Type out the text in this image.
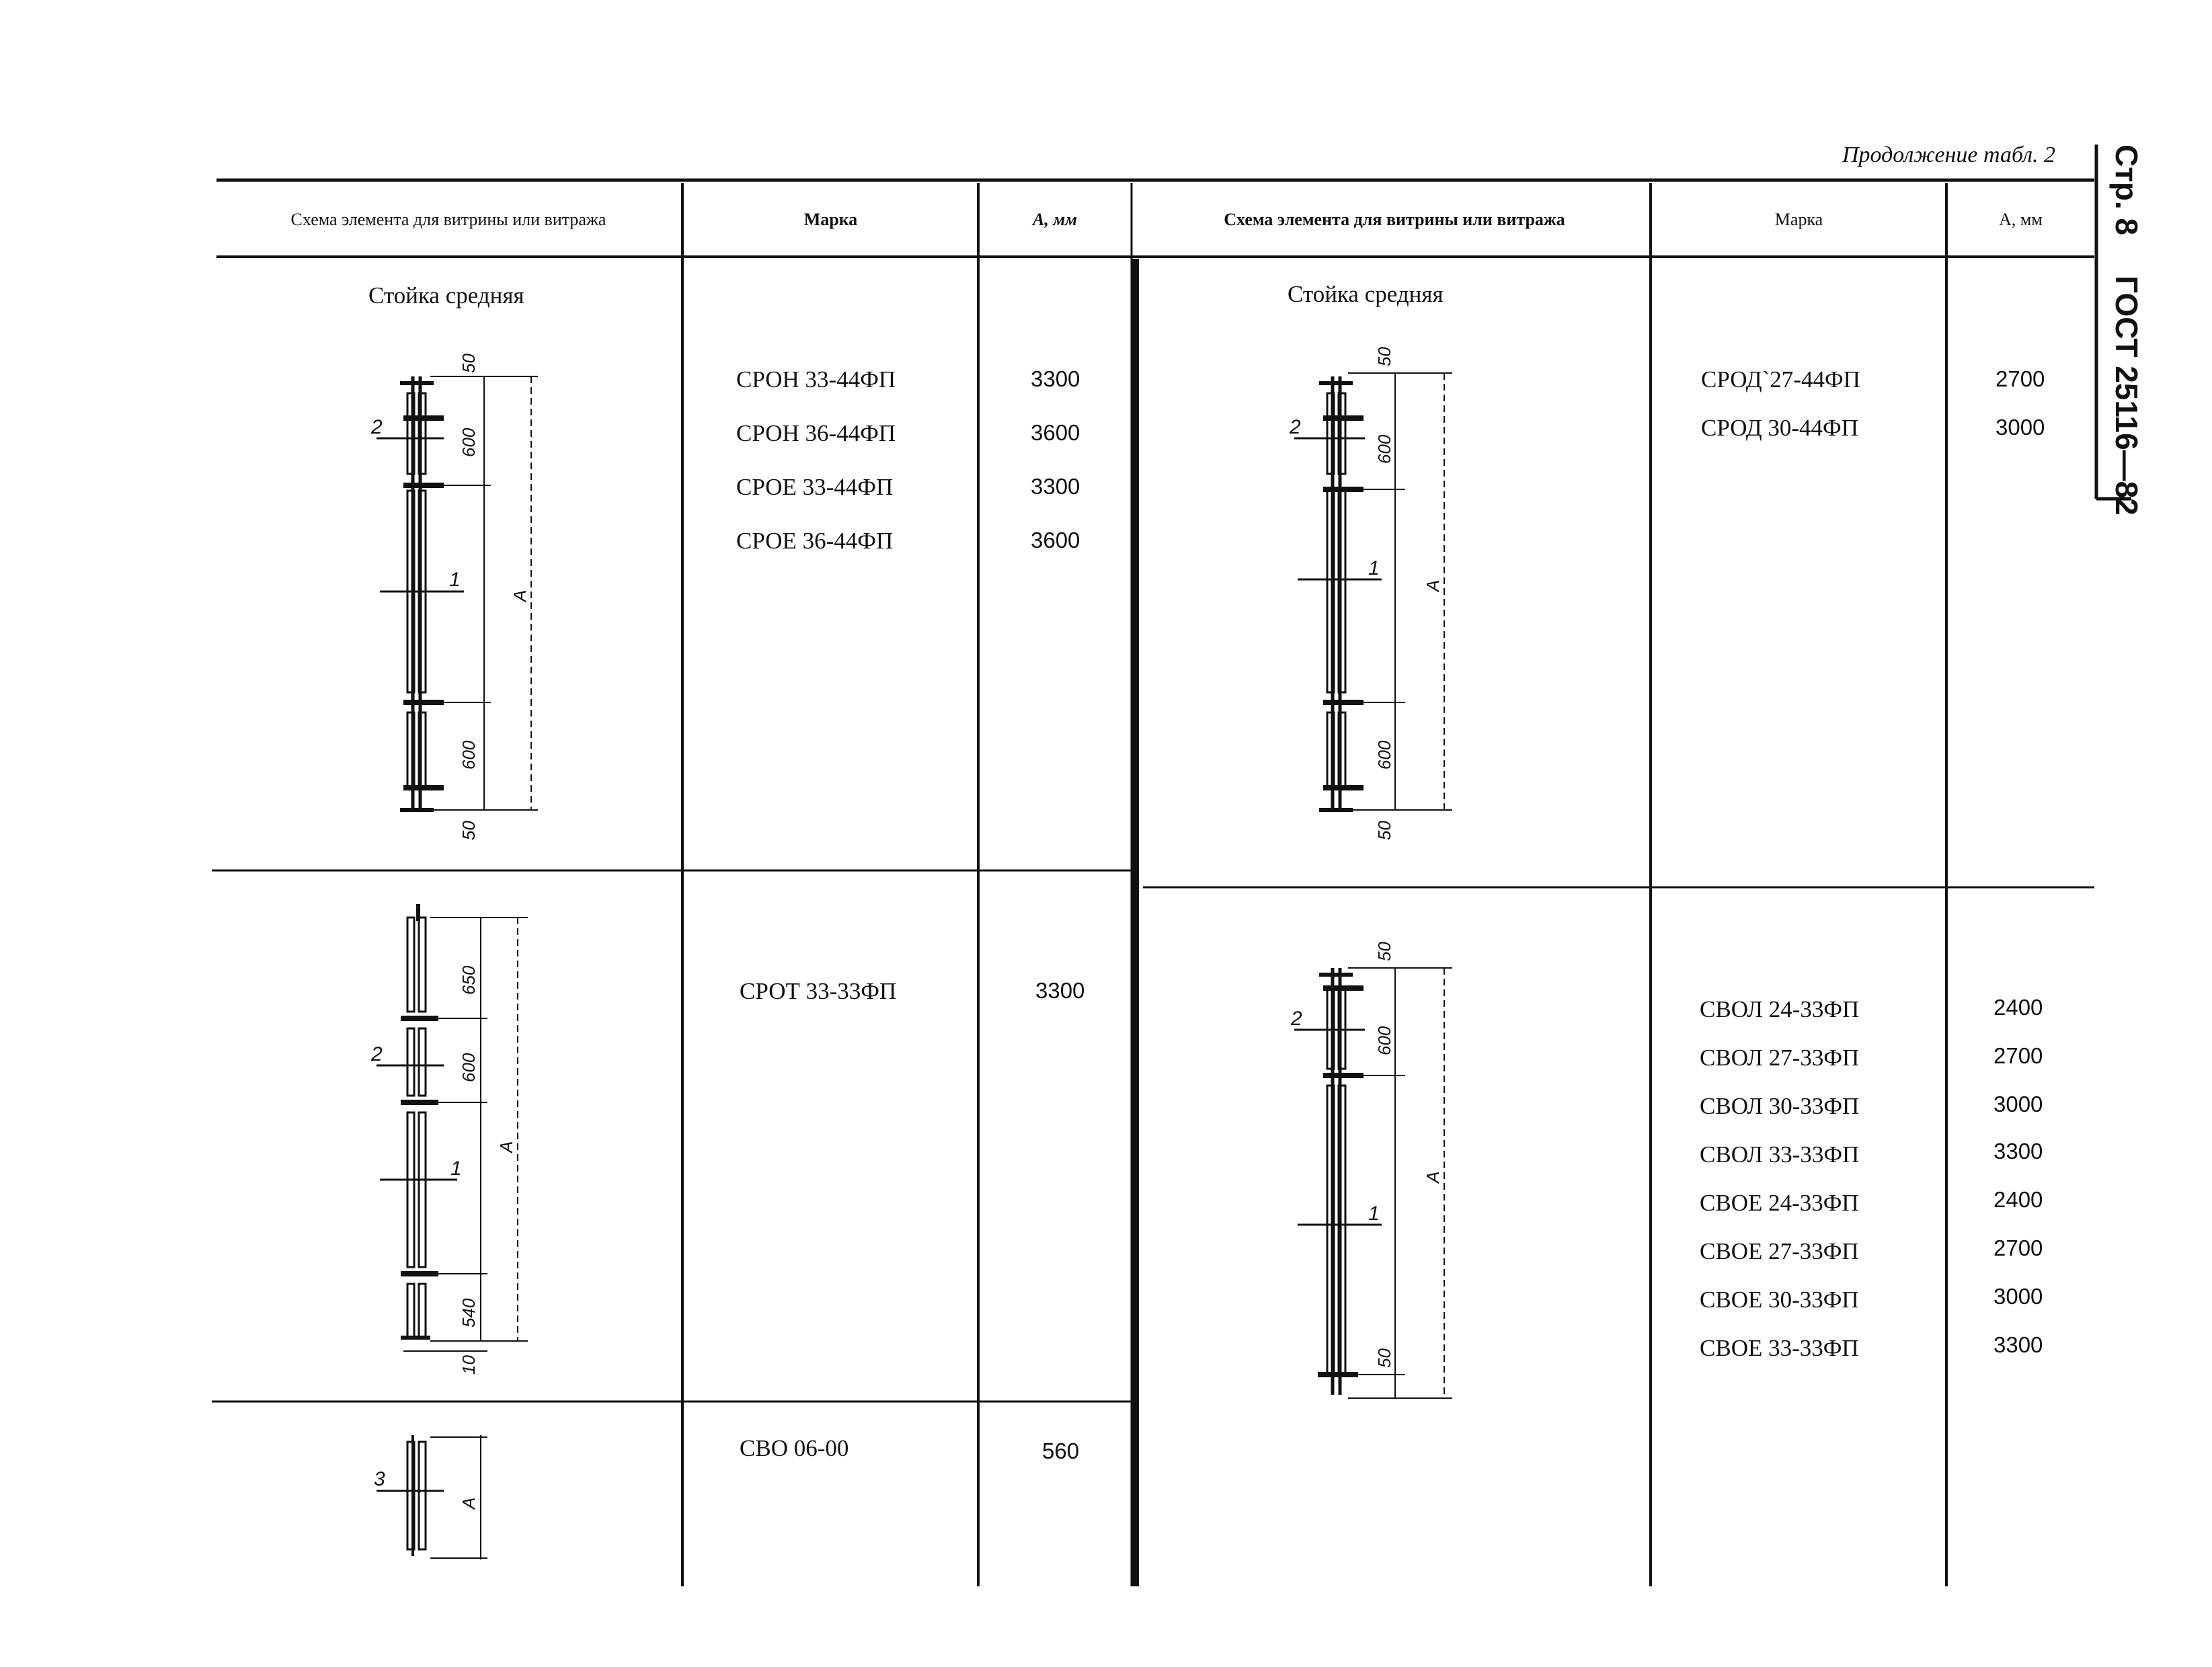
Продолжение табл. 2 Стр. 8
ГОСТ 25116—82
50
600
600
50
А
2
1
650
600
540
10
А
2
1
А
3
50
600
600
50
А
2
1
50
600
50
А
2
1
Схема элемента для витрины или витража	Марка	А, мм	Схема элемента для витрины или витража	Марка	А, мм
Стойка средняя	Стойка средняя
СРОН 33-44ФП	3300
СРОН 36-44ФП	3600
СРОЕ 33-44ФП	3300
СРОЕ 36-44ФП	3600
СРОТ 33-33ФП	3300
СВО 06-00	560
СРОД`27-44ФП	2700
СРОД 30-44ФП	3000
СВОЛ 24-33ФП	2400
СВОЛ 27-33ФП	2700
СВОЛ 30-33ФП	3000
СВОЛ 33-33ФП	3300
СВОЕ 24-33ФП	2400
СВОЕ 27-33ФП	2700
СВОЕ 30-33ФП	3000
СВОЕ 33-33ФП	3300
